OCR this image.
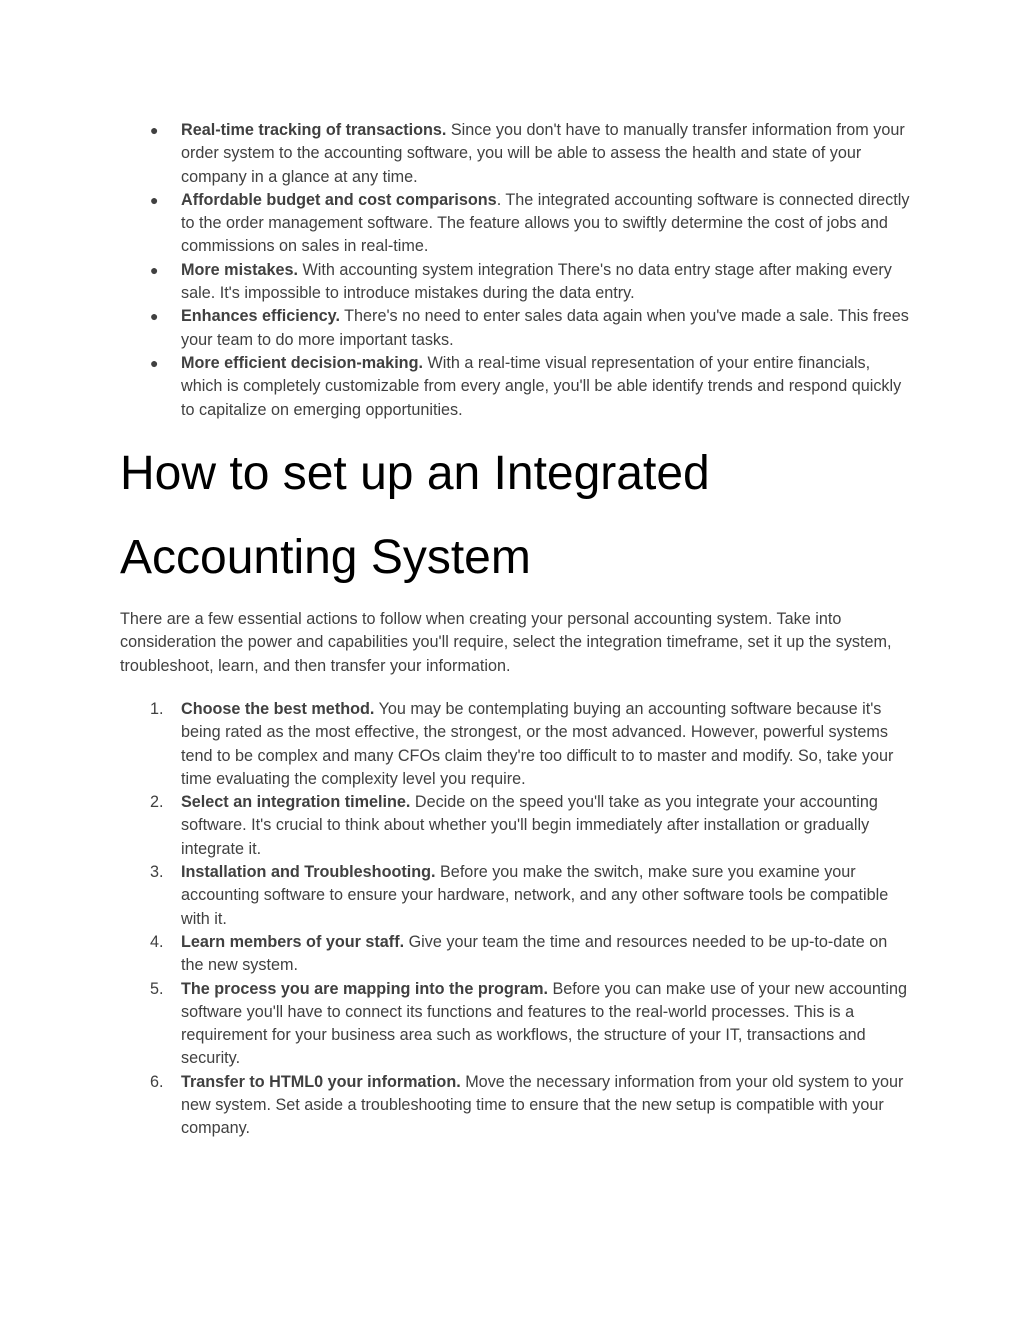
● Real-time tracking of transactions. Since you don't have to manually transfer information from your order system to the accounting software, you will be able to assess the health and state of your company in a glance at any time.
● Affordable budget and cost comparisons. The integrated accounting software is connected directly to the order management software. The feature allows you to swiftly determine the cost of jobs and commissions on sales in real-time.
● More mistakes. With accounting system integration There's no data entry stage after making every sale. It's impossible to introduce mistakes during the data entry.
● Enhances efficiency. There's no need to enter sales data again when you've made a sale. This frees your team to do more important tasks.
● More efficient decision-making. With a real-time visual representation of your entire financials, which is completely customizable from every angle, you'll be able identify trends and respond quickly to capitalize on emerging opportunities.
How to set up an Integrated Accounting System

There are a few essential actions to follow when creating your personal accounting system. Take into consideration the power and capabilities you'll require, select the integration timeframe, set it up the system, troubleshoot, learn, and then transfer your information.

1. Choose the best method. You may be contemplating buying an accounting software because it's being rated as the most effective, the strongest, or the most advanced. However, powerful systems tend to be complex and many CFOs claim they're too difficult to to master and modify. So, take your time evaluating the complexity level you require.
2. Select an integration timeline. Decide on the speed you'll take as you integrate your accounting software. It's crucial to think about whether you'll begin immediately after installation or gradually integrate it.
3. Installation and Troubleshooting. Before you make the switch, make sure you examine your accounting software to ensure your hardware, network, and any other software tools be compatible with it.
4. Learn members of your staff. Give your team the time and resources needed to be up-to-date on the new system.
5. The process you are mapping into the program. Before you can make use of your new accounting software you'll have to connect its functions and features to the real-world processes. This is a requirement for your business area such as workflows, the structure of your IT, transactions and security.
6. Transfer to HTML0 your information. Move the necessary information from your old system to your new system. Set aside a troubleshooting time to ensure that the new setup is compatible with your company.
